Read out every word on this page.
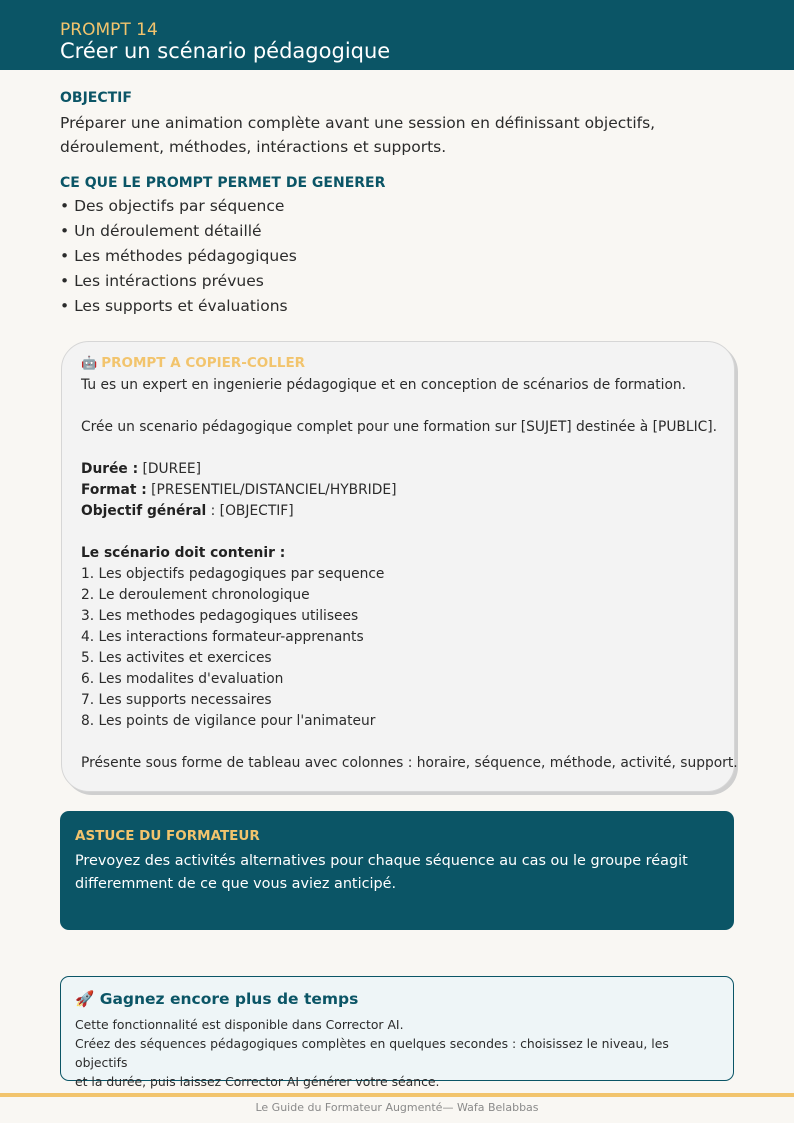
PROMPT 14
Créer un scénario pédagogique
OBJECTIF
Préparer une animation complète avant une session en définissant objectifs,
déroulement, méthodes, intéractions et supports.
CE QUE LE PROMPT PERMET DE GENERER
• Des objectifs par séquence
• Un déroulement détaillé
• Les méthodes pédagogiques
• Les intéractions prévues
• Les supports et évaluations
🤖 PROMPT A COPIER-COLLER
Tu es un expert en ingenierie pédagogique et en conception de scénarios de formation.
Crée un scenario pédagogique complet pour une formation sur [SUJET] destinée à [PUBLIC].
Durée : [DUREE]
Format : [PRESENTIEL/DISTANCIEL/HYBRIDE]
Objectif général : [OBJECTIF]
Le scénario doit contenir :
1. Les objectifs pedagogiques par sequence
2. Le deroulement chronologique
3. Les methodes pedagogiques utilisees
4. Les interactions formateur-apprenants
5. Les activites et exercices
6. Les modalites d'evaluation
7. Les supports necessaires
8. Les points de vigilance pour l'animateur
Présente sous forme de tableau avec colonnes : horaire, séquence, méthode, activité, support.
ASTUCE DU FORMATEUR
Prevoyez des activités alternatives pour chaque séquence au cas ou le groupe réagit
differemment de ce que vous aviez anticipé.
🚀 Gagnez encore plus de temps
Cette fonctionnalité est disponible dans Corrector AI.
Créez des séquences pédagogiques complètes en quelques secondes : choisissez le niveau, les objectifs
et la durée, puis laissez Corrector AI générer votre séance.
Le Guide du Formateur Augmenté— Wafa Belabbas
